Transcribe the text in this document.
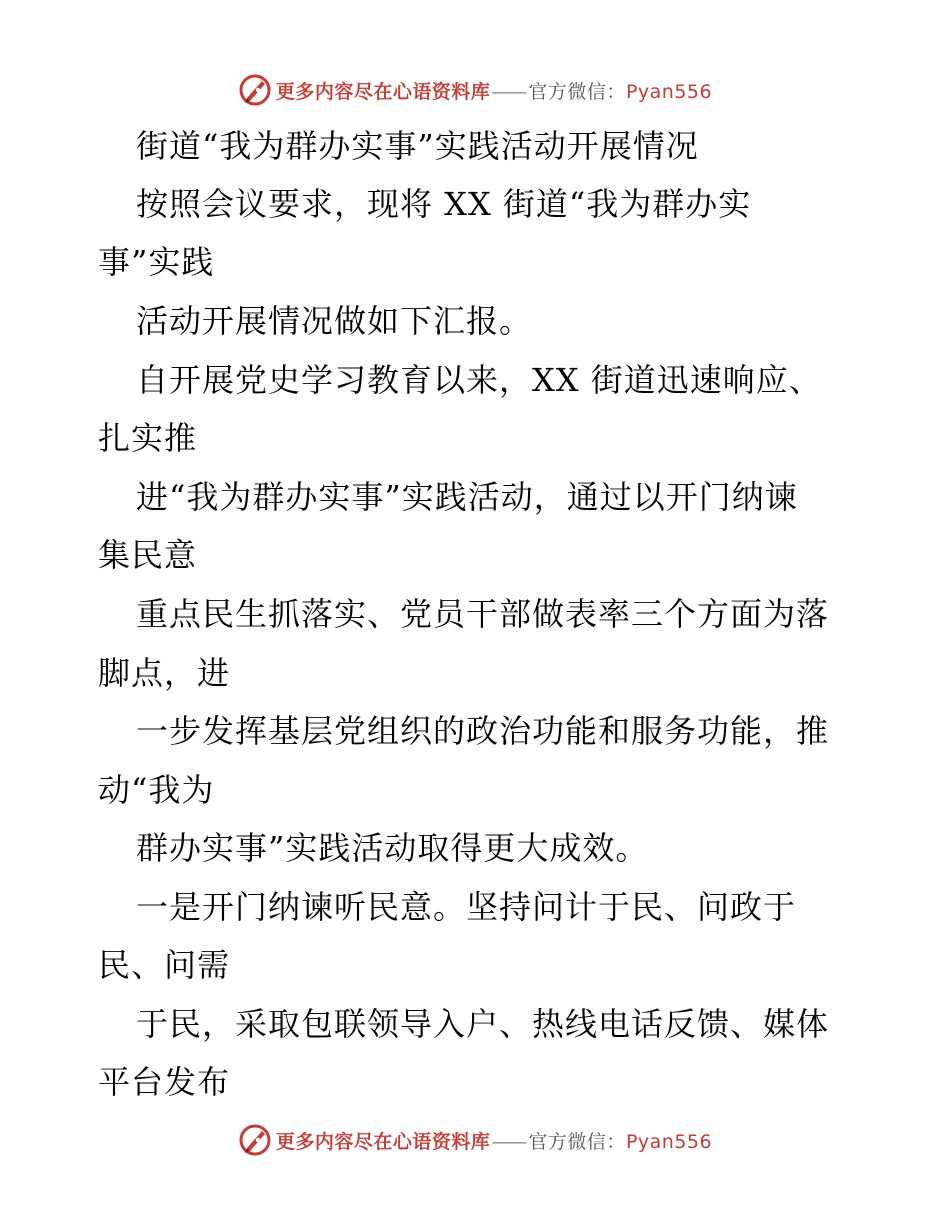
更多内容尽在心语资料库—— 官方微信：Pyan556
街道“我为群办实事”实践活动开展情况
按照会议要求，现将 XX 街道“我为群办实
事”实践
活动开展情况做如下汇报。
自开展党史学习教育以来，XX 街道迅速响应、
扎实推
进“我为群办实事”实践活动，通过以开门纳谏
集民意
重点民生抓落实、党员干部做表率三个方面为落
脚点，进
一步发挥基层党组织的政治功能和服务功能，推
动“我为
群办实事”实践活动取得更大成效。
一是开门纳谏听民意。坚持问计于民、问政于
民、问需
于民，采取包联领导入户、热线电话反馈、媒体
平台发布
更多内容尽在心语资料库—— 官方微信：Pyan556
